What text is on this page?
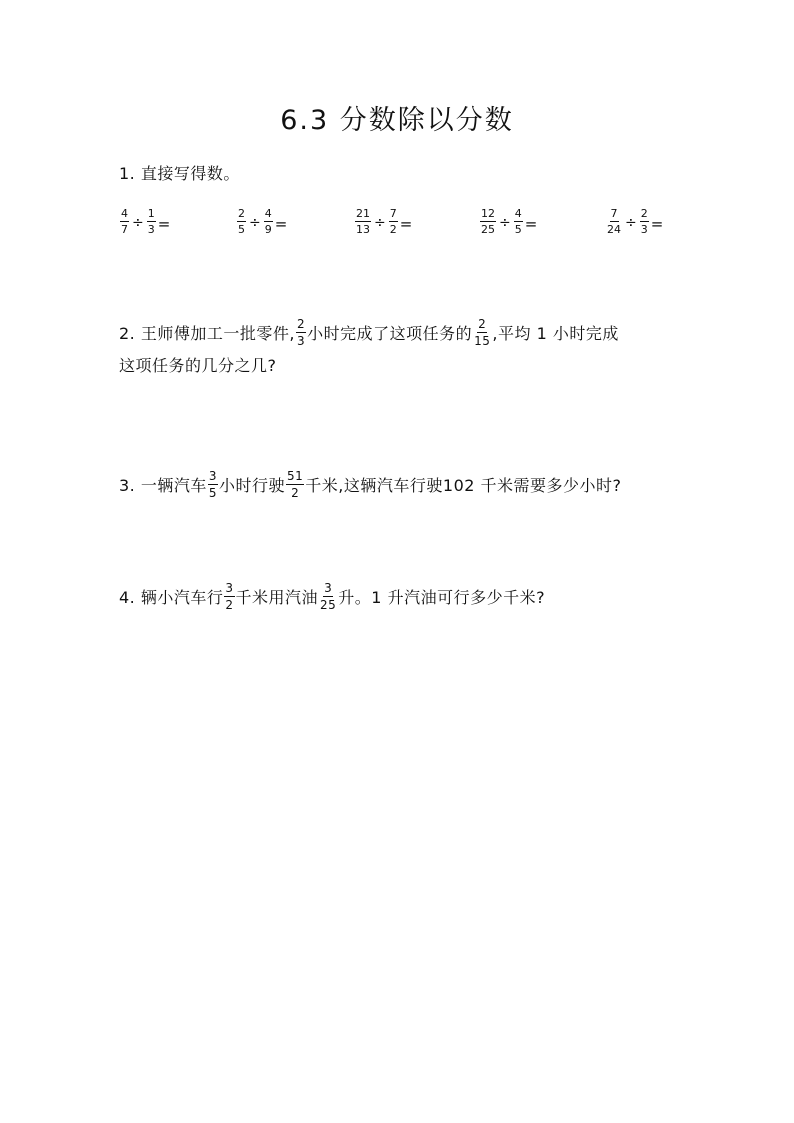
6.3 分数除以分数
1. 直接写得数。
$\frac{4}{7} \div \frac{1}{3}$ =	$\frac{2}{5} \div \frac{4}{9}$ =	$\frac{21}{13} \div \frac{7}{2}$ =	$\frac{12}{25} \div \frac{4}{5}$ =	$\frac{7}{24} \div \frac{2}{3}$ =
2. 王师傅加工一批零件, $\frac{2}{3}$ 小时完成了这项任务的 $\frac{2}{15}$ ,平均 1 小时完成
这项任务的几分之几?
3. 一辆汽车 $\frac{3}{5}$ 小时行驶 $\frac{51}{2}$ 千米,这辆汽车行驶102 千米需要多少小时?
4. 辆小汽车行 $\frac{3}{2}$ 千米用汽油 $\frac{3}{25}$ 升。1 升汽油可行多少千米?
